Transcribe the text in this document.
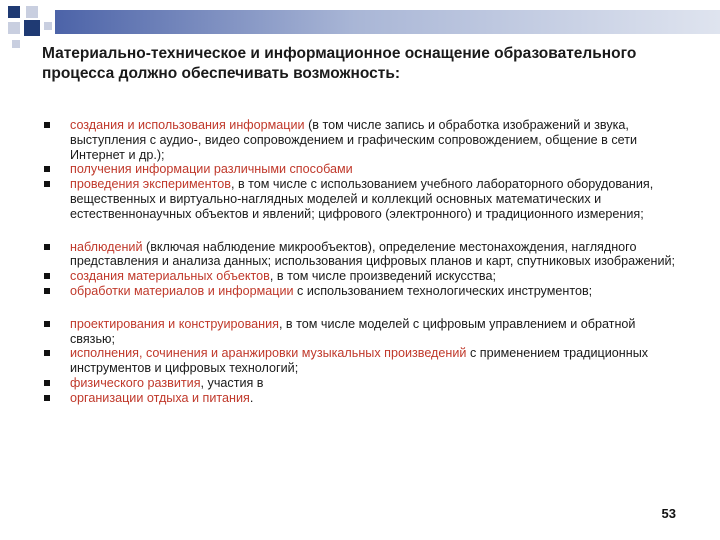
Материально-техническое и информационное оснащение образовательного процесса должно обеспечивать возможность:
создания и использования информации (в том числе запись и обработка изображений и звука, выступления с аудио-, видео сопровождением и графическим сопровождением, общение в сети Интернет и др.);
получения информации различными способами
проведения экспериментов, в том числе с использованием учебного лабораторного оборудования, вещественных и виртуально-наглядных моделей и коллекций основных математических и естественнонаучных объектов и явлений; цифрового (электронного) и традиционного измерения;
наблюдений (включая наблюдение микрообъектов), определение местонахождения, наглядного представления и анализа данных; использования цифровых планов и карт, спутниковых изображений;
создания материальных объектов, в том числе произведений искусства;
обработки материалов и информации с использованием технологических инструментов;
проектирования и конструирования, в том числе моделей с цифровым управлением и обратной связью;
исполнения, сочинения и аранжировки музыкальных произведений с применением традиционных инструментов и цифровых технологий;
физического развития, участия в
организации отдыха и питания.
53
